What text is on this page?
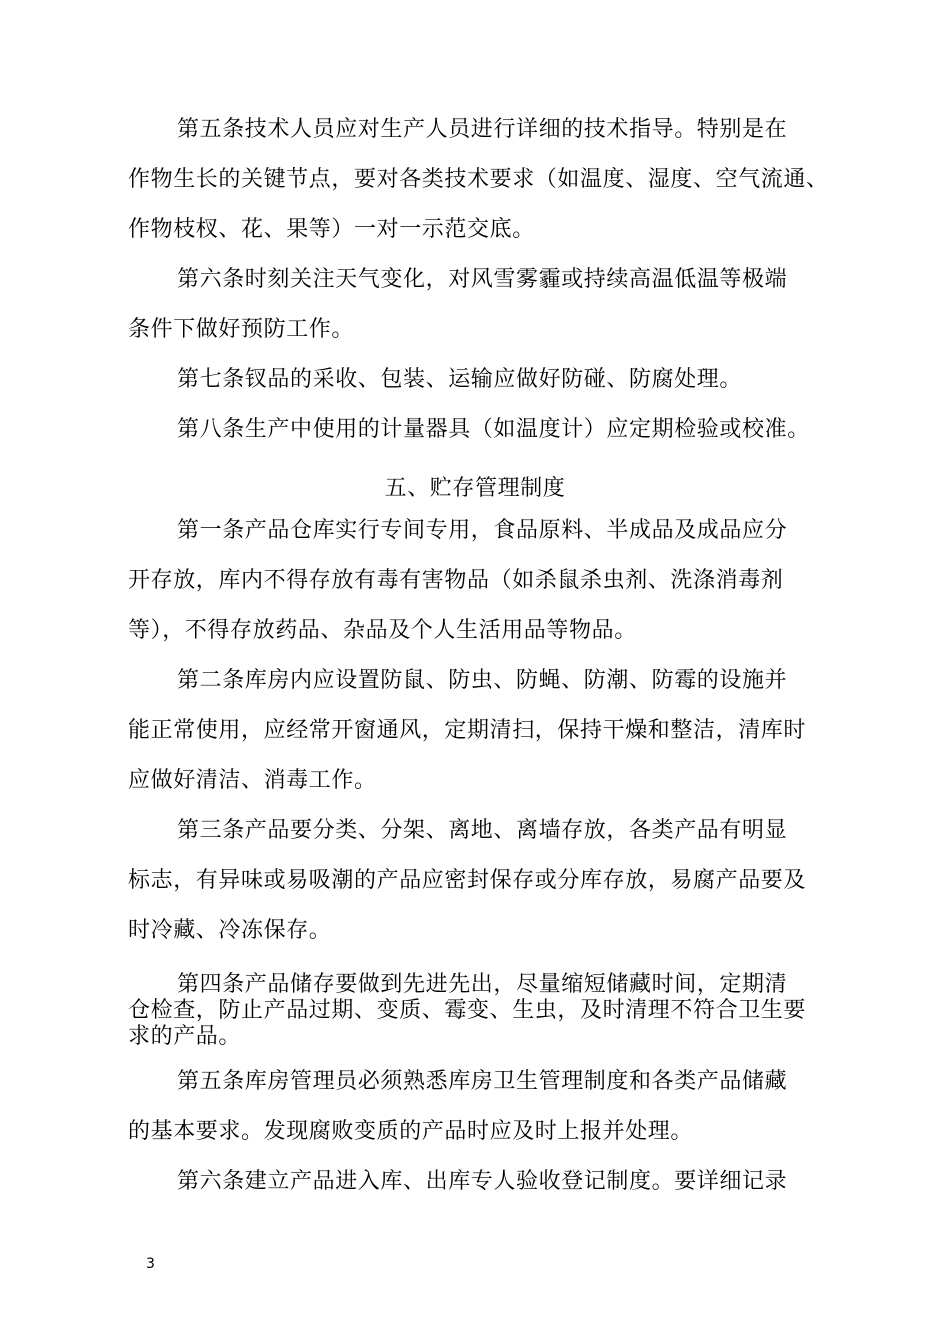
第五条技术人员应对生产人员进行详细的技术指导。特别是在
作物生长的关键节点，要对各类技术要求（如温度、湿度、空气流通、
作物枝杈、花、果等）一对一示范交底。
第六条时刻关注天气变化，对风雪雾霾或持续高温低温等极端
条件下做好预防工作。
第七条钗品的采收、包装、运输应做好防碰、防腐处理。
第八条生产中使用的计量器具（如温度计）应定期检验或校准。
五、贮存管理制度
第一条产品仓库实行专间专用，食品原料、半成品及成品应分
开存放，库内不得存放有毒有害物品（如杀鼠杀虫剂、洗涤消毒剂
等），不得存放药品、杂品及个人生活用品等物品。
第二条库房内应设置防鼠、防虫、防蝇、防潮、防霉的设施并
能正常使用，应经常开窗通风，定期清扫，保持干燥和整洁，清库时
应做好清洁、消毒工作。
第三条产品要分类、分架、离地、离墙存放，各类产品有明显
标志，有异味或易吸潮的产品应密封保存或分库存放，易腐产品要及
时冷藏、冷冻保存。
第四条产品储存要做到先进先出，尽量缩短储藏时间，定期清
仓检查，防止产品过期、变质、霉变、生虫，及时清理不符合卫生要
求的产品。
第五条库房管理员必须熟悉库房卫生管理制度和各类产品储藏
的基本要求。发现腐败变质的产品时应及时上报并处理。
第六条建立产品进入库、出库专人验收登记制度。要详细记录
3
